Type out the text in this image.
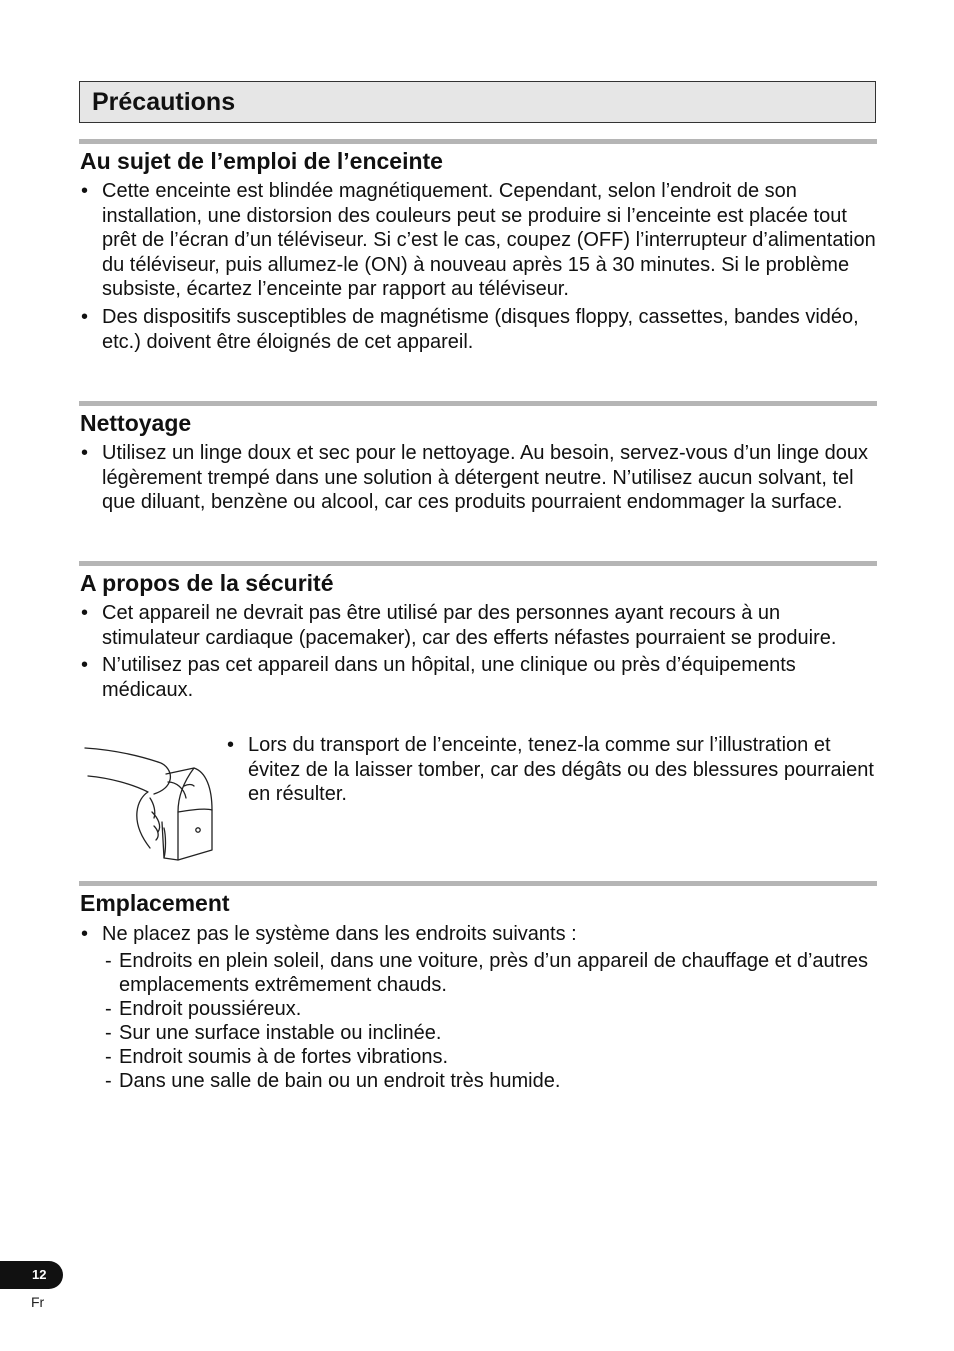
Précautions
Au sujet de l’emploi de l’enceinte
• Cette enceinte est blindée magnétiquement. Cependant, selon l’endroit de son installation, une distorsion des couleurs peut se produire si l’enceinte est placée tout prêt de l’écran d’un téléviseur. Si c’est le cas, coupez (OFF) l’interrupteur d’alimentation du téléviseur, puis allumez-le (ON) à nouveau après 15 à 30 minutes. Si le problème subsiste, écartez l’enceinte par rapport au téléviseur.
• Des dispositifs susceptibles de magnétisme (disques floppy, cassettes, bandes vidéo, etc.) doivent être éloignés de cet appareil.
Nettoyage
• Utilisez un linge doux et sec pour le nettoyage. Au besoin, servez-vous d’un linge doux légèrement trempé dans une solution à détergent neutre. N’utilisez aucun solvant, tel que diluant, benzène ou alcool, car ces produits pourraient endommager la surface.
A propos de la sécurité
• Cet appareil ne devrait pas être utilisé par des personnes ayant recours à un stimulateur cardiaque (pacemaker), car des efferts néfastes pourraient se produire.
• N’utilisez pas cet appareil dans un hôpital, une clinique ou près d’équipements médicaux.
• Lors du transport de l’enceinte, tenez-la comme sur l’illustration et évitez de la laisser tomber, car des dégâts ou des blessures pourraient en résulter.
Emplacement
• Ne placez pas le système dans les endroits suivants :
- Endroits en plein soleil, dans une voiture, près d’un appareil de chauffage et d’autres emplacements extrêmement chauds.
- Endroit poussiéreux.
- Sur une surface instable ou inclinée.
- Endroit soumis à de fortes vibrations.
- Dans une salle de bain ou un endroit très humide.
12
Fr
